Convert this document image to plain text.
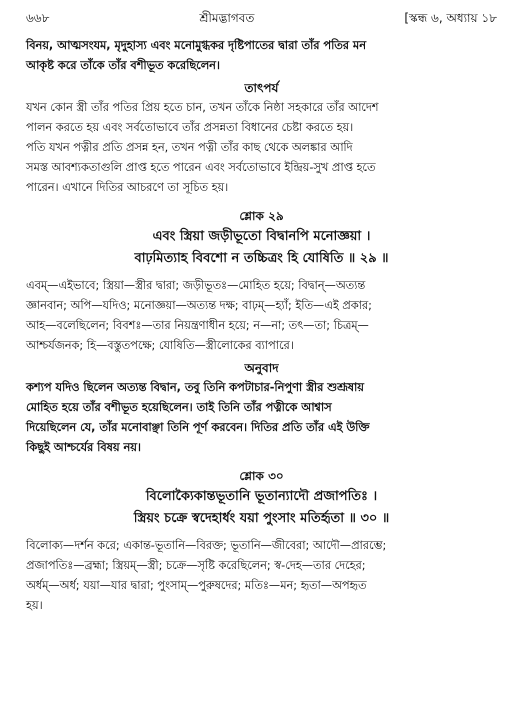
৬৬৮	শ্রীমদ্ভাগবত	[স্কন্ধ ৬, অধ্যায় ১৮

বিনয়, আত্মসংযম, মৃদুহাস্য এবং মনোমুগ্ধকর দৃষ্টিপাতের দ্বারা তাঁর পতির মন

আকৃষ্ট করে তাঁকে তাঁর বশীভূত করেছিলেন।

তাৎপর্য

যখন কোন স্ত্রী তাঁর পতির প্রিয় হতে চান, তখন তাঁকে নিষ্ঠা সহকারে তাঁর আদেশ

পালন করতে হয় এবং সর্বতোভাবে তাঁর প্রসন্নতা বিধানের চেষ্টা করতে হয়।

পতি যখন পত্নীর প্রতি প্রসন্ন হন, তখন পত্নী তাঁর কাছ থেকে অলঙ্কার আদি

সমস্ত আবশ্যকতাগুলি প্রাপ্ত হতে পারেন এবং সর্বতোভাবে ইন্দ্রিয়-সুখ প্রাপ্ত হতে

পারেন। এখানে দিতির আচরণে তা সূচিত হয়।

শ্লোক ২৯

এবং স্ত্রিয়া জড়ীভূতো বিদ্বানপি মনোজ্ঞয়া ।

বাঢ়মিত্যাহ বিবশো ন তচ্চিত্রং হি যোষিতি ॥ ২৯ ॥

এবম্—এইভাবে; স্ত্রিয়া—স্ত্রীর দ্বারা; জড়ীভূতঃ—মোহিত হয়ে; বিদ্বান্—অত্যন্ত

জ্ঞানবান; অপি—যদিও; মনোজ্ঞয়া—অত্যন্ত দক্ষ; বাঢ়ম্—হ্যাঁ; ইতি—এই প্রকার;

আহ—বলেছিলেন; বিবশঃ—তার নিয়ন্ত্রণাধীন হয়ে; ন—না; তৎ—তা; চিত্রম্—

আশ্চর্যজনক; হি—বস্তুতপক্ষে; যোষিতি—স্ত্রীলোকের ব্যাপারে।

অনুবাদ

কশ্যপ যদিও ছিলেন অত্যন্ত বিদ্বান, তবু তিনি কপটাচার-নিপুণা স্ত্রীর শুশ্রূষায়

মোহিত হয়ে তাঁর বশীভূত হয়েছিলেন। তাই তিনি তাঁর পত্নীকে আশ্বাস

দিয়েছিলেন যে, তাঁর মনোবাঞ্ছা তিনি পূর্ণ করবেন। দিতির প্রতি তাঁর এই উক্তি

কিছুই আশ্চর্যের বিষয় নয়।

শ্লোক ৩০

বিলোক্যৈকান্তভূতানি ভূতান্যাদৌ প্রজাপতিঃ ।

স্ত্রিয়ং চক্রে স্বদেহার্ধং যয়া পুংসাং মতির্হৃতা ॥ ৩০ ॥

বিলোক্য—দর্শন করে; একান্ত-ভূতানি—বিরক্ত; ভূতানি—জীবেরা; আদৌ—প্রারম্ভে;

প্রজাপতিঃ—ব্রহ্মা; স্ত্রিয়ম্—স্ত্রী; চক্রে—সৃষ্টি করেছিলেন; স্ব-দেহ—তার দেহের;

অর্ধম্—অর্ধ; যয়া—যার দ্বারা; পুংসাম্—পুরুষদের; মতিঃ—মন; হৃতা—অপহৃত

হয়।
